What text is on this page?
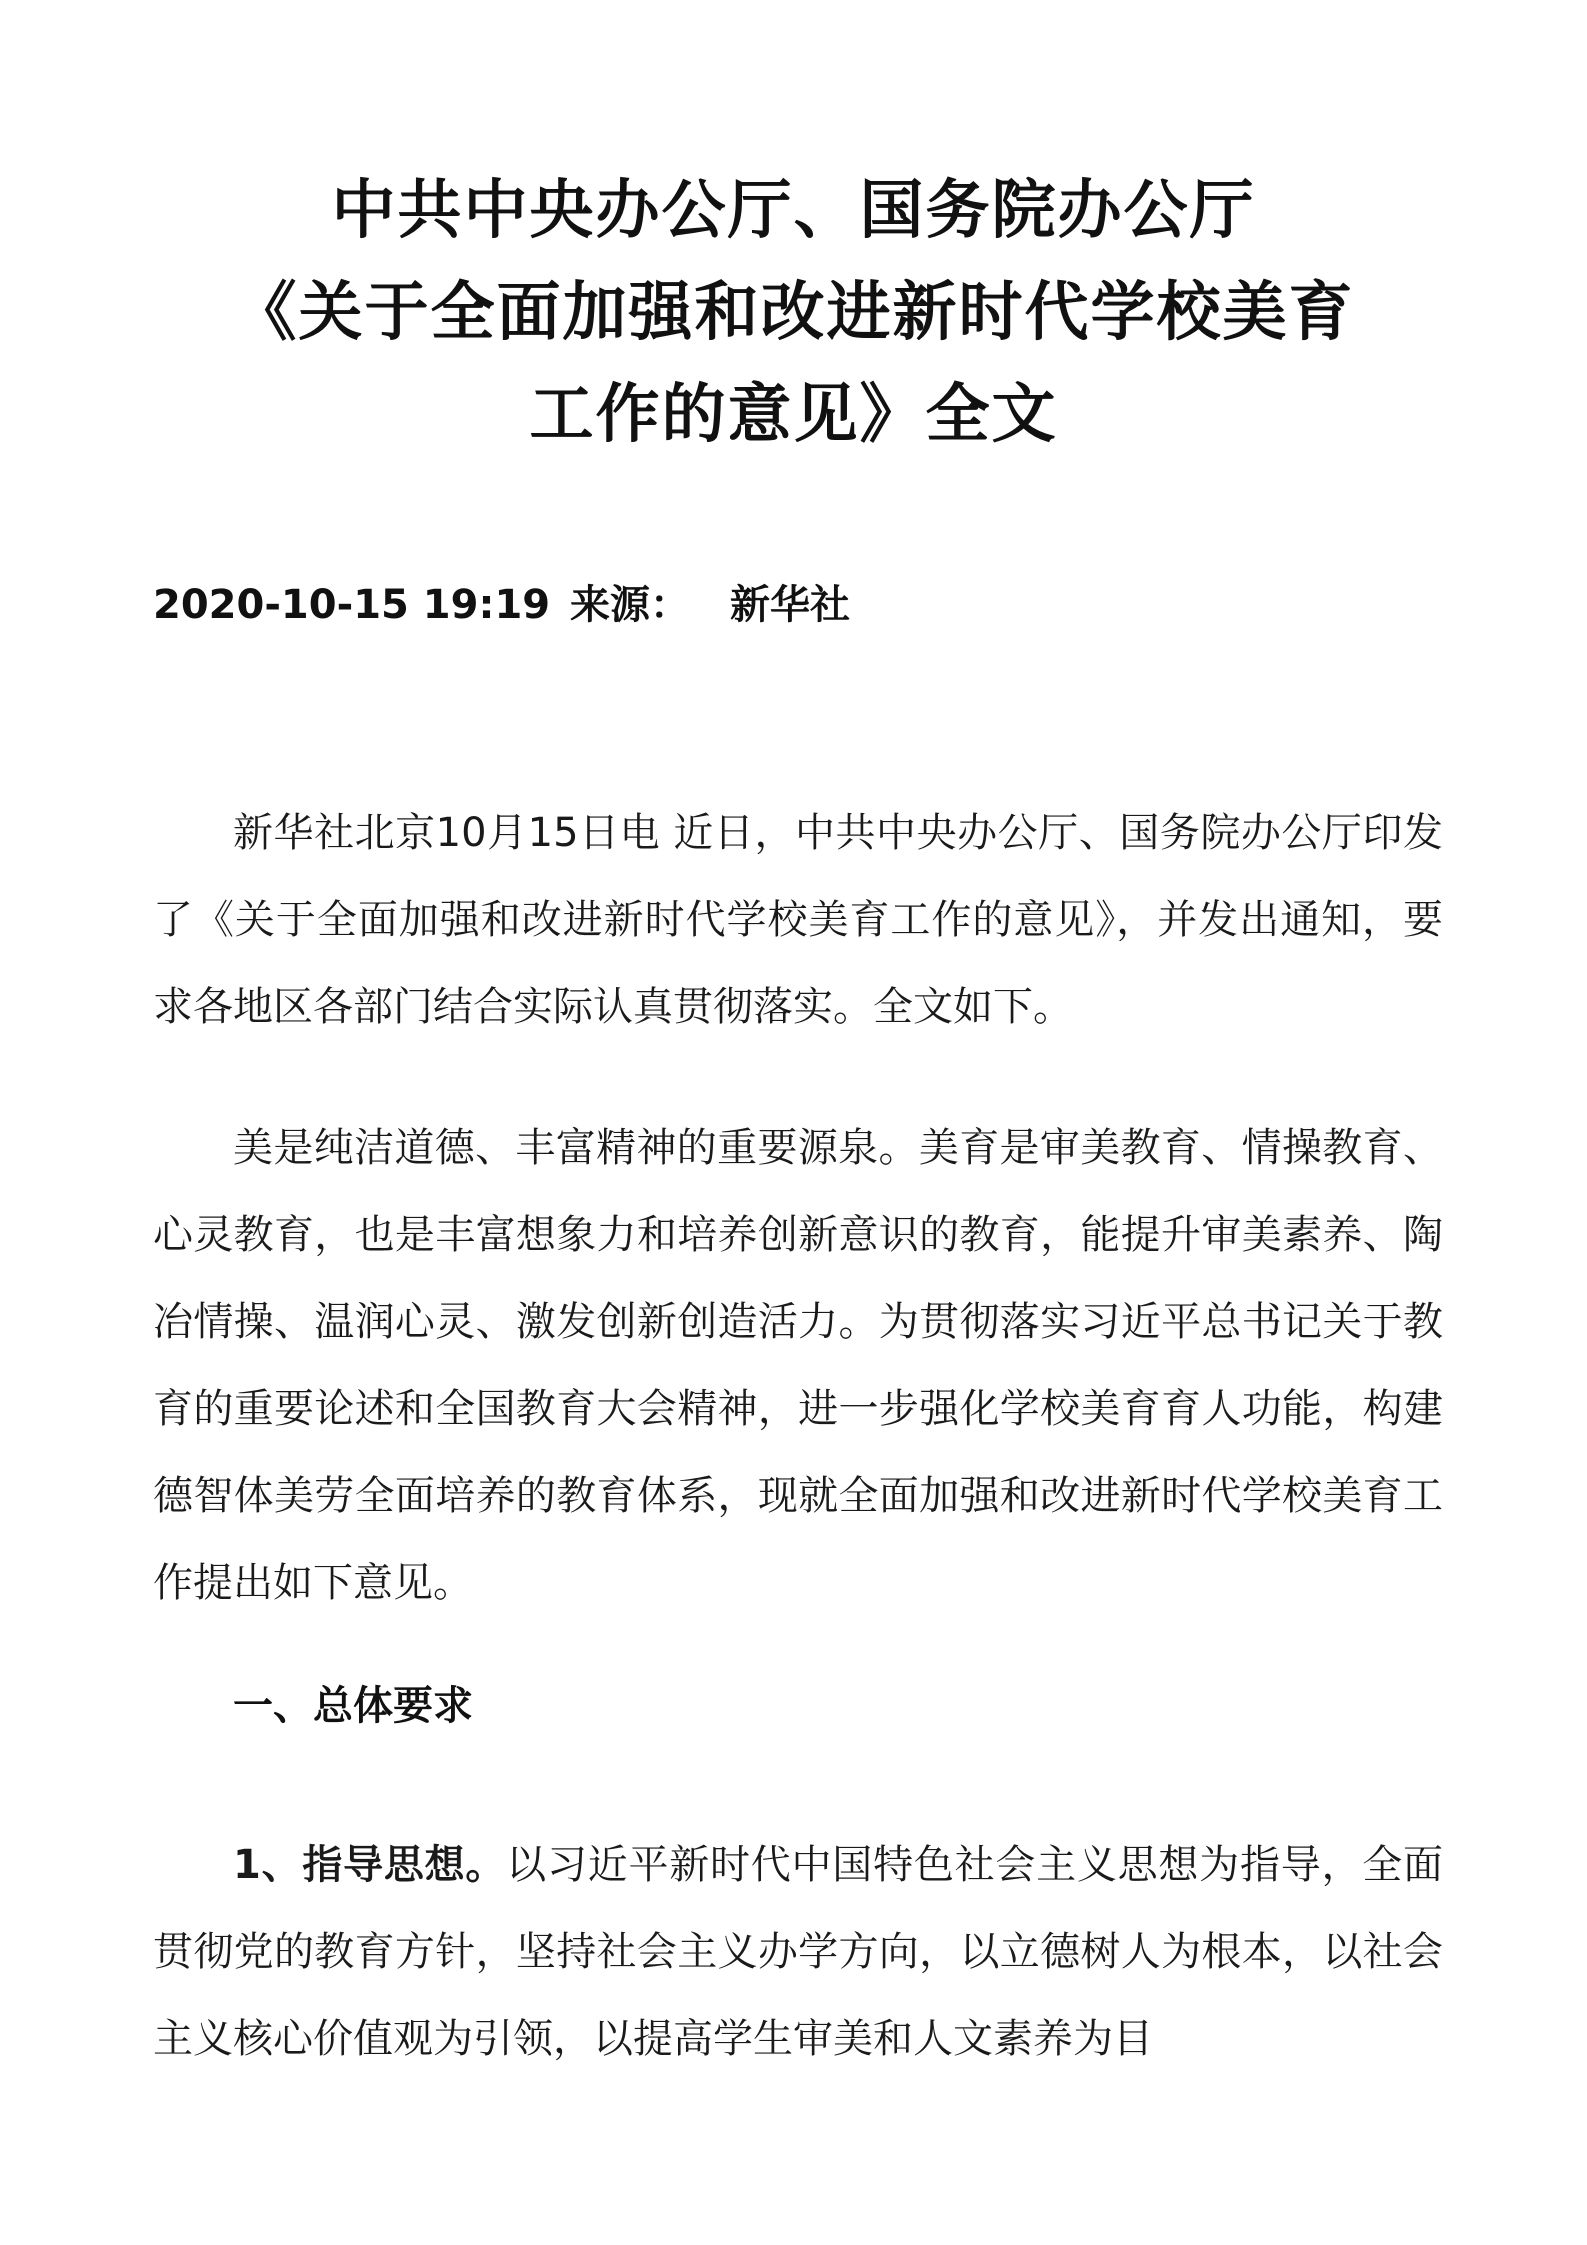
中共中央办公厅、国务院办公厅
《关于全面加强和改进新时代学校美育
工作的意见》全文
2020-10-15 19:19 来源： 新华社

新华社北京10月15日电 近日，中共中央办公厅、国务院办公厅印发了《关于全面加强和改进新时代学校美育工作的意见》，并发出通知，要求各地区各部门结合实际认真贯彻落实。全文如下。

美是纯洁道德、丰富精神的重要源泉。美育是审美教育、情操教育、心灵教育，也是丰富想象力和培养创新意识的教育，能提升审美素养、陶冶情操、温润心灵、激发创新创造活力。为贯彻落实习近平总书记关于教育的重要论述和全国教育大会精神，进一步强化学校美育育人功能，构建德智体美劳全面培养的教育体系，现就全面加强和改进新时代学校美育工作提出如下意见。

一、总体要求

1、指导思想。以习近平新时代中国特色社会主义思想为指导，全面贯彻党的教育方针，坚持社会主义办学方向，以立德树人为根本，以社会主义核心价值观为引领，以提高学生审美和人文素养为目
